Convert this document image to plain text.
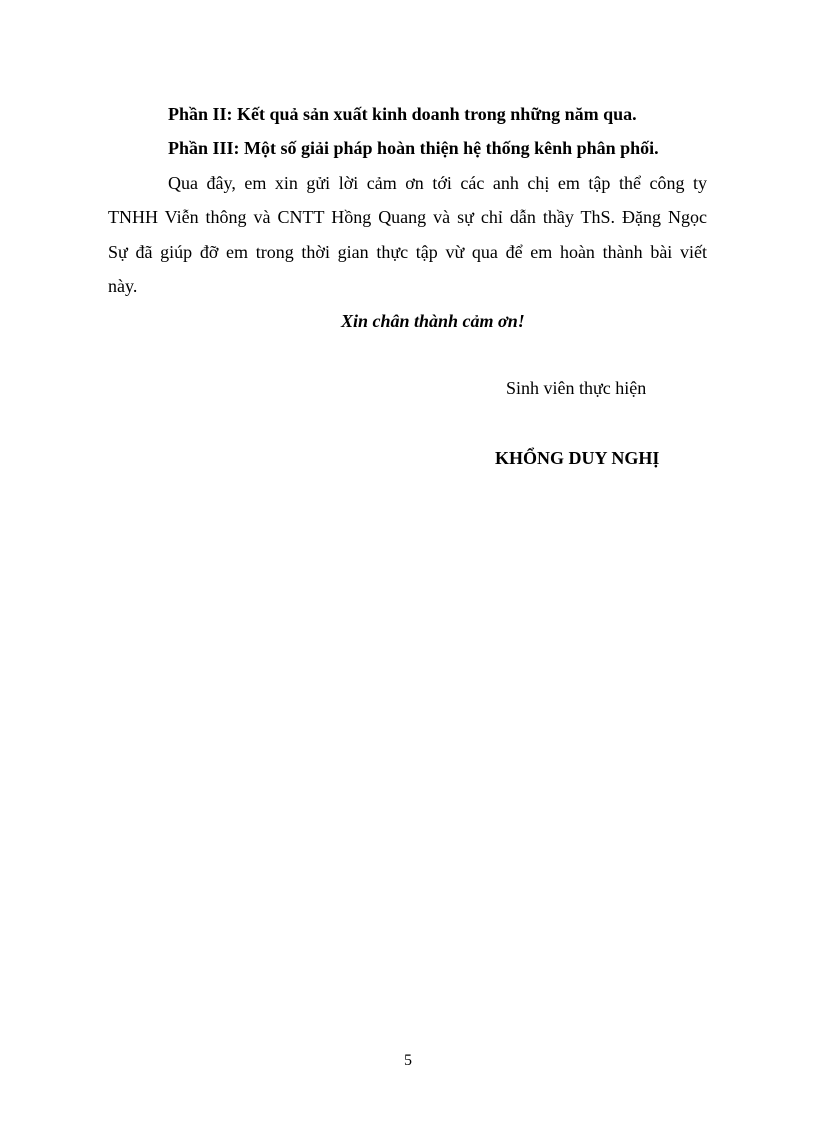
Phần II: Kết quả sản xuất kinh doanh trong những năm qua.
Phần III: Một số giải pháp hoàn thiện hệ thống kênh phân phối.
Qua đây, em xin gửi lời cảm ơn tới các anh chị em tập thể công ty
TNHH Viễn thông và CNTT Hồng Quang và sự chỉ dẫn thầy ThS. Đặng Ngọc
Sự đã giúp đỡ em trong thời gian thực tập vừ qua để em hoàn thành bài viết
này.
Xin chân thành cảm ơn!
Sinh viên thực hiện
KHỔNG DUY NGHỊ
5
